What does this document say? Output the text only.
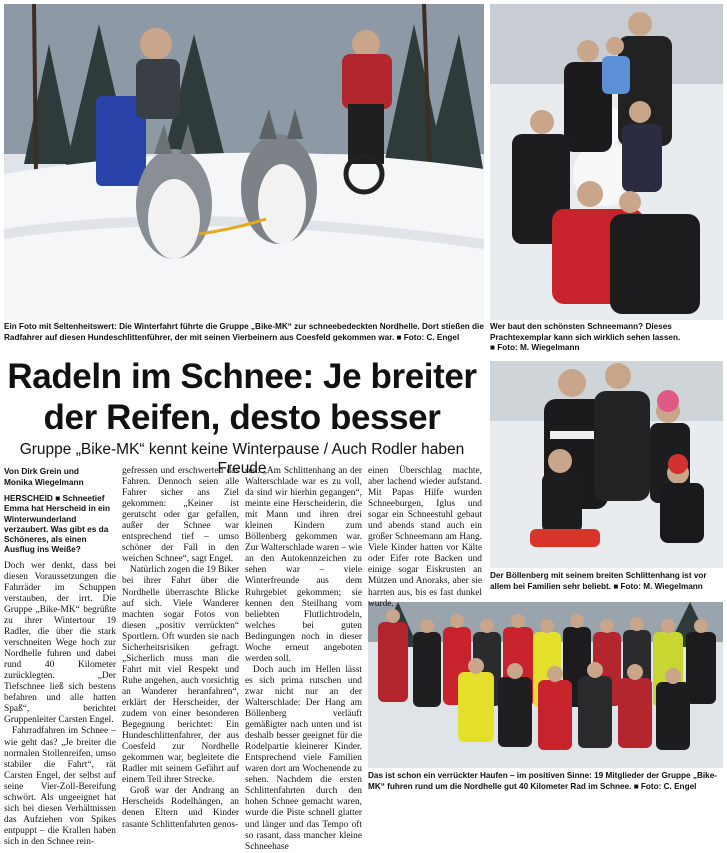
Ein Foto mit Seltenheitswert: Die Winterfahrt führte die Gruppe „Bike-MK“ zur schneebedeckten Nordhelle. Dort stießen die Radfahrer auf diesen Hundeschlittenführer, der mit seinen Vierbeinern aus Coesfeld gekommen war. ■ Foto: C. Engel
Wer baut den schönsten Schneemann? Dieses Prachtexemplar kann sich wirklich sehen lassen. ■ Foto: M. Wiegelmann
Der Böllenberg mit seinem breiten Schlittenhang ist vor allem bei Familien sehr beliebt. ■ Foto: M. Wiegelmann
Das ist schon ein verrückter Haufen – im positiven Sinne: 19 Mitglieder der Gruppe „Bike-MK“ fuhren rund um die Nordhelle gut 40 Kilometer Rad im Schnee. ■ Foto: C. Engel
Radeln im Schnee: Je breiter
der Reifen, desto besser
Gruppe „Bike-MK“ kennt keine Winterpause / Auch Rodler haben Freude
Von Dirk Grein und
Monika Wiegelmann
HERSCHEID ■ Schneetief Emma hat Herscheid in ein Winterwunderland verzaubert. Was gibt es da Schöneres, als einen Ausflug ins Weiße?

Doch wer denkt, dass bei diesen Voraussetzungen die Fahrräder im Schuppen verstauben, der irrt. Die Gruppe „Bike-MK“ begrüßte zu ihrer Wintertour 19 Radler, die über die stark verschneiten Wege hoch zur Nordhelle fuhren und dabei rund 40 Kilometer zurücklegten. „Der Tiefschnee ließ sich bestens befahren und alle hatten Spaß“, berichtet Gruppenleiter Carsten Engel.

Fahrradfahren im Schnee – wie geht das? „Je breiter die normalen Stollenreifen, umso stabiler die Fahrt“, rät Carsten Engel, der selbst auf seine Vier-Zoll-Bereifung schwört. Als ungeeignet hat sich bei diesen Verhältnissen das Aufziehen von Spikes entpuppt – die Krallen haben sich in den Schnee rein-

gefressen und erschwerten das Fahren. Dennoch seien alle Fahrer sicher ans Ziel gekommen: „Keiner ist gerutscht oder gar gefallen, außer der Schnee war entsprechend tief – umso schöner der Fall in den weichen Schnee“, sagt Engel.

Natürlich zogen die 19 Biker bei ihrer Fahrt über die Nordhelle überraschte Blicke auf sich. Viele Wanderer machten sogar Fotos von diesen „positiv verrückten“ Sportlern. Oft wurden sie nach Sicherheitsrisiken gefragt. „Sicherlich muss man die Fahrt mit viel Respekt und Ruhe angehen, auch vorsichtig an Wanderer heranfahren“, erklärt der Herscheider, der zudem von einer besonderen Begegnung berichtet: Ein Hundeschlittenfahrer, der aus Coesfeld zur Nordhelle gekommen war, begleitete die Radler mit seinem Gefährt auf einem Teil ihrer Strecke.

Groß war der Andrang an Herscheids Rodelhängen, an denen Eltern und Kinder rasante Schlittenfahrten genos-

sen. „Am Schlittenhang an der Walterschlade war es zu voll, da sind wir hierhin gegangen“, meinte eine Herscheiderin, die mit Mann und ihren drei kleinen Kindern zum Böllenberg gekommen war. Zur Walterschlade waren – wie an den Autokennzeichen zu sehen war – viele Winterfreunde aus dem Ruhrgebiet gekommen; sie kennen den Steilhang vom beliebten Flutlichtrodeln, welches bei guten Bedingungen noch in dieser Woche erneut angeboten werden soll.

Doch auch im Hellen lässt es sich prima rutschen und zwar nicht nur an der Walterschlade: Der Hang am Böllenberg verläuft gemäßigter nach unten und ist deshalb besser geeignet für die Rodelpartie kleinerer Kinder. Entsprechend viele Familien waren dort am Wochenende zu sehen. Nachdem die ersten Schlittenfahrten durch den hohen Schnee gemacht waren, wurde die Piste schnell glatter und länger und das Tempo oft so rasant, dass mancher kleine Schneehase

einen Überschlag machte, aber lachend wieder aufstand. Mit Papas Hilfe wurden Schneeburgen, Iglus und sogar ein Schneestuhl gebaut und abends stand auch ein großer Schneemann am Hang. Viele Kinder hatten vor Kälte oder Eifer rote Backen und einige sogar Eiskrusten an Mützen und Anoraks, aber sie harrten aus, bis es fast dunkel wurde.
